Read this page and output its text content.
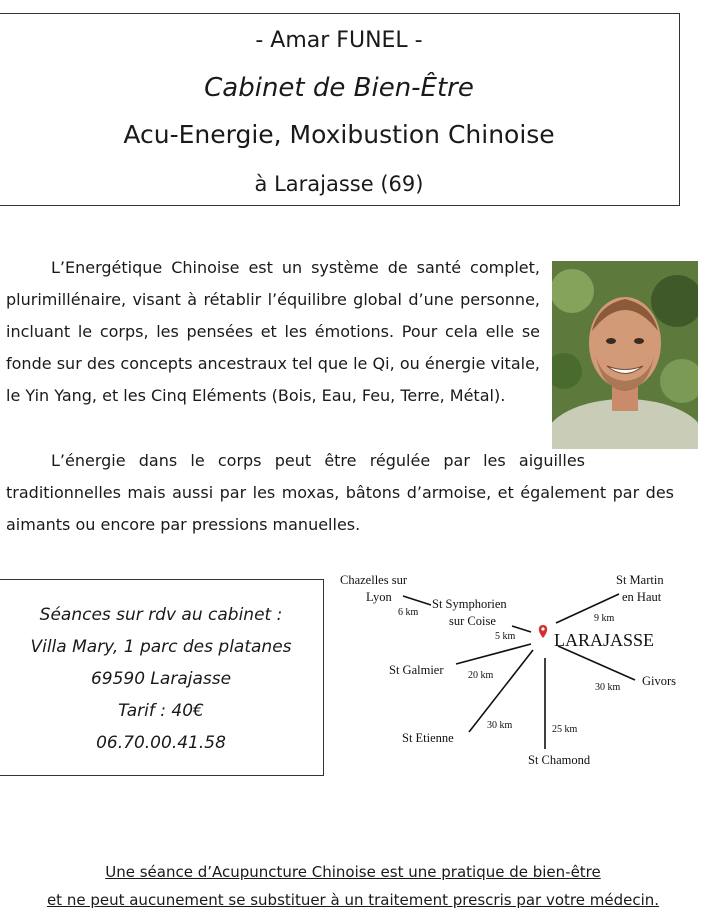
- Amar FUNEL -
Cabinet de Bien-Être
Acu-Energie, Moxibustion Chinoise
à Larajasse (69)
L’Energétique Chinoise est un système de santé complet,
plurimillénaire, visant à rétablir l’équilibre global d’une personne,
incluant le corps, les pensées et les émotions. Pour cela elle se
fonde sur des concepts ancestraux tel que le Qi, ou énergie vitale,
le Yin Yang, et les Cinq Eléments (Bois, Eau, Feu, Terre, Métal).
L’énergie dans le corps peut être régulée par les aiguilles
traditionnelles mais aussi par les moxas, bâtons d’armoise, et également par des
aimants ou encore par pressions manuelles.
Séances sur rdv au cabinet :
Villa Mary, 1 parc des platanes
69590 Larajasse
Tarif : 40€
06.70.00.41.58
LARAJASSE
Chazelles sur
Lyon
6 km
St Symphorien
sur Coise
5 km
St Martin
en Haut
9 km
St Galmier 20 km	Givors
30 km
St Etienne
30 km
St Chamond
25 km
Une séance d’Acupuncture Chinoise est une pratique de bien-être
et ne peut aucunement se substituer à un traitement prescris par votre médecin.
